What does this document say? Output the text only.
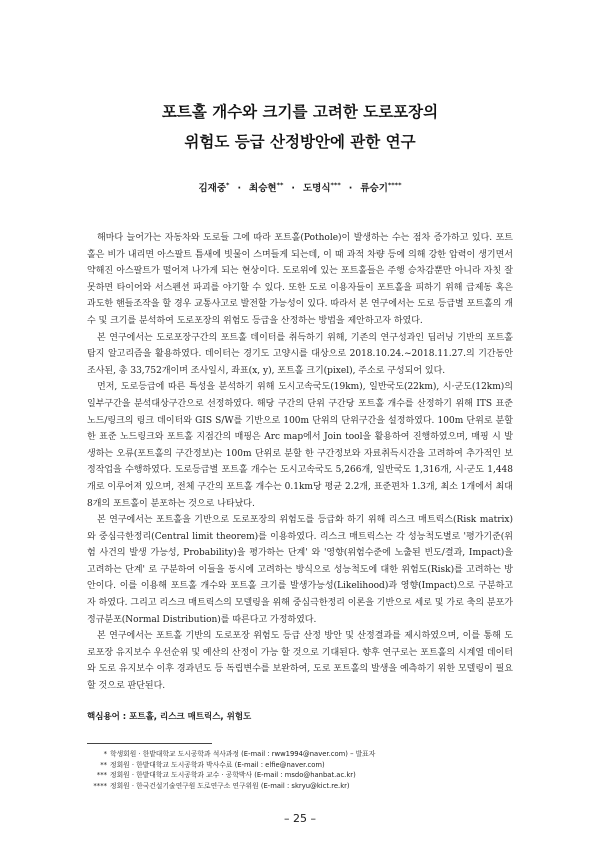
포트홀 개수와 크기를 고려한 도로포장의
위험도 등급 산정방안에 관한 연구
김재중* · 최승현** · 도명식*** · 류승기****

해마다 늘어가는 자동차와 도로들 그에 따라 포트홀(Pothole)이 발생하는 수는 점차 증가하고 있다. 포트홀은 비가 내리면 아스팔트 틈새에 빗물이 스며들게 되는데, 이 때 과적 차량 등에 의해 강한 압력이 생기면서 약해진 아스팔트가 떨어져 나가게 되는 현상이다. 도로위에 있는 포트홀들은 주행 승차감뿐만 아니라 자칫 잘못하면 타이어와 서스펜션 파괴를 야기할 수 있다. 또한 도로 이용자들이 포트홀을 피하기 위해 급제동 혹은 과도한 핸들조작을 할 경우 교통사고로 발전할 가능성이 있다. 따라서 본 연구에서는 도로 등급별 포트홀의 개수 및 크기를 분석하여 도로포장의 위험도 등급을 산정하는 방법을 제안하고자 하였다.

본 연구에서는 도로포장구간의 포트홀 데이터를 취득하기 위해, 기존의 연구성과인 딥러닝 기반의 포트홀 탐지 알고리즘을 활용하였다. 데이터는 경기도 고양시를 대상으로 2018.10.24.~2018.11.27.의 기간동안 조사된, 총 33,752개이며 조사일시, 좌표(x, y), 포트홀 크기(pixel), 주소로 구성되어 있다.

먼저, 도로등급에 따른 특성을 분석하기 위해 도시고속국도(19km), 일반국도(22km), 시·군도(12km)의 일부구간을 분석대상구간으로 선정하였다. 해당 구간의 단위 구간당 포트홀 개수를 산정하기 위해 ITS 표준 노드/링크의 링크 데이터와 GIS S/W를 기반으로 100m 단위의 단위구간을 설정하였다. 100m 단위로 분할한 표준 노드링크와 포트홀 지점간의 매핑은 Arc map에서 Join tool을 활용하여 진행하였으며, 매핑 시 발생하는 오류(포트홀의 구간정보)는 100m 단위로 분할 한 구간정보와 자료취득시간을 고려하여 추가적인 보정작업을 수행하였다. 도로등급별 포트홀 개수는 도시고속국도 5,266개, 일반국도 1,316개, 시·군도 1,448개로 이루어져 있으며, 전체 구간의 포트홀 개수는 0.1km당 평균 2.2개, 표준편차 1.3개, 최소 1개에서 최대 8개의 포트홀이 분포하는 것으로 나타났다.

본 연구에서는 포트홀을 기반으로 도로포장의 위험도를 등급화 하기 위해 리스크 매트릭스(Risk matrix)와 중심극한정리(Central limit theorem)를 이용하였다. 리스크 매트릭스는 각 성능척도별로 '평가기준(위험 사건의 발생 가능성, Probability)을 평가하는 단계' 와 '영향(위험수준에 노출된 빈도/결과, Impact)을 고려하는 단계' 로 구분하여 이들을 동시에 고려하는 방식으로 성능척도에 대한 위험도(Risk)를 고려하는 방안이다. 이를 이용해 포트홀 개수와 포트홀 크기를 발생가능성(Likelihood)과 영향(Impact)으로 구분하고자 하였다. 그리고 리스크 매트릭스의 모델링을 위해 중심극한정리 이론을 기반으로 세로 및 가로 축의 분포가 정규분포(Normal Distribution)를 따른다고 가정하였다.

본 연구에서는 포트홀 기반의 도로포장 위험도 등급 산정 방안 및 산정결과를 제시하였으며, 이를 통해 도로포장 유지보수 우선순위 및 예산의 산정이 가능 할 것으로 기대된다. 향후 연구로는 포트홀의 시계열 데이터와 도로 유지보수 이후 경과년도 등 독립변수를 보완하여, 도로 포트홀의 발생을 예측하기 위한 모델링이 필요할 것으로 판단된다.

핵심용어 : 포트홀, 리스크 매트릭스, 위험도
* 학생회원 · 한밭대학교 도시공학과 석사과정 (E-mail : rww1994@naver.com) – 발표자
** 정회원 · 한밭대학교 도시공학과 박사수료 (E-mail : elfie@naver.com)
*** 정회원 · 한밭대학교 도시공학과 교수 · 공학박사 (E-mail : msdo@hanbat.ac.kr)
**** 정회원 · 한국건설기술연구원 도로연구소 연구위원 (E-mail : skryu@kict.re.kr)
– 25 –
